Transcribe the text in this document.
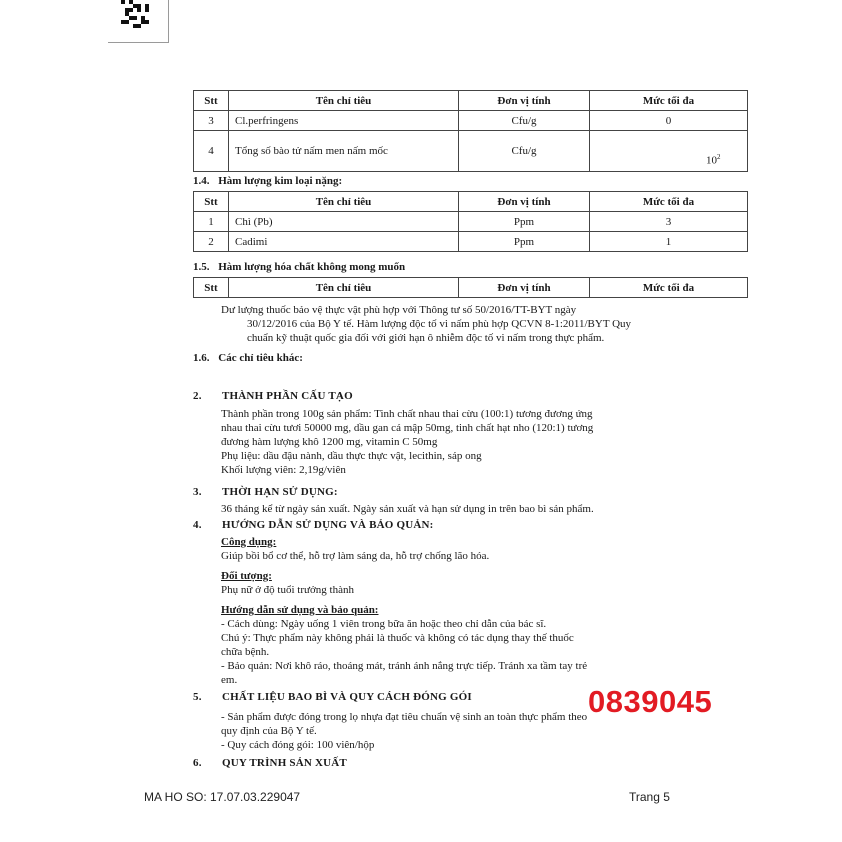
Stt	Tên chỉ tiêu	Đơn vị tính	Mức tối đa
3	Cl.perfringens	Cfu/g	0
4	Tổng số bào tử nấm men nấm mốc	Cfu/g	$10^2$
1.4. Hàm lượng kim loại nặng:
Stt	Tên chỉ tiêu	Đơn vị tính	Mức tối đa
1	Chì (Pb)	Ppm	3
2	Cadimi	Ppm	1
1.5. Hàm lượng hóa chất không mong muốn
Stt	Tên chỉ tiêu	Đơn vị tính	Mức tối đa
Dư lượng thuốc bảo vệ thực vật phù hợp với Thông tư số 50/2016/TT-BYT ngày
30/12/2016 của Bộ Y tế. Hàm lượng độc tố vi nấm phù hợp QCVN 8-1:2011/BYT Quy
chuẩn kỹ thuật quốc gia đối với giới hạn ô nhiễm độc tố vi nấm trong thực phẩm.
1.6. Các chỉ tiêu khác:
2. THÀNH PHẦN CẤU TẠO
Thành phần trong 100g sản phẩm: Tinh chất nhau thai cừu (100:1) tương đương ứng
nhau thai cừu tươi 50000 mg, dầu gan cá mập 50mg, tinh chất hạt nho (120:1) tương
đương hàm lượng khô 1200 mg, vitamin C 50mg
Phụ liệu: dầu đậu nành, dầu thực thực vật, lecithin, sáp ong
Khối lượng viên: 2,19g/viên
3. THỜI HẠN SỬ DỤNG:
36 tháng kể từ ngày sản xuất. Ngày sản xuất và hạn sử dụng in trên bao bì sản phẩm.
4. HƯỚNG DẪN SỬ DỤNG VÀ BẢO QUẢN:
Công dụng:
Giúp bồi bổ cơ thể, hỗ trợ làm sáng da, hỗ trợ chống lão hóa.
Đối tượng:
Phụ nữ ở độ tuổi trưởng thành
Hướng dẫn sử dụng và bảo quản:
- Cách dùng: Ngày uống 1 viên trong bữa ăn hoặc theo chỉ dẫn của bác sĩ.
Chú ý: Thực phẩm này không phải là thuốc và không có tác dụng thay thế thuốc
chữa bệnh.
- Bảo quản: Nơi khô ráo, thoáng mát, tránh ánh nắng trực tiếp. Tránh xa tầm tay trẻ
em.
5. CHẤT LIỆU BAO BÌ VÀ QUY CÁCH ĐÓNG GÓI
- Sản phẩm được đóng trong lọ nhựa đạt tiêu chuẩn vệ sinh an toàn thực phẩm theo
quy định của Bộ Y tế.
- Quy cách đóng gói: 100 viên/hộp
6. QUY TRÌNH SẢN XUẤT
0839045
MA HO SO: 17.07.03.229047	Trang 5
